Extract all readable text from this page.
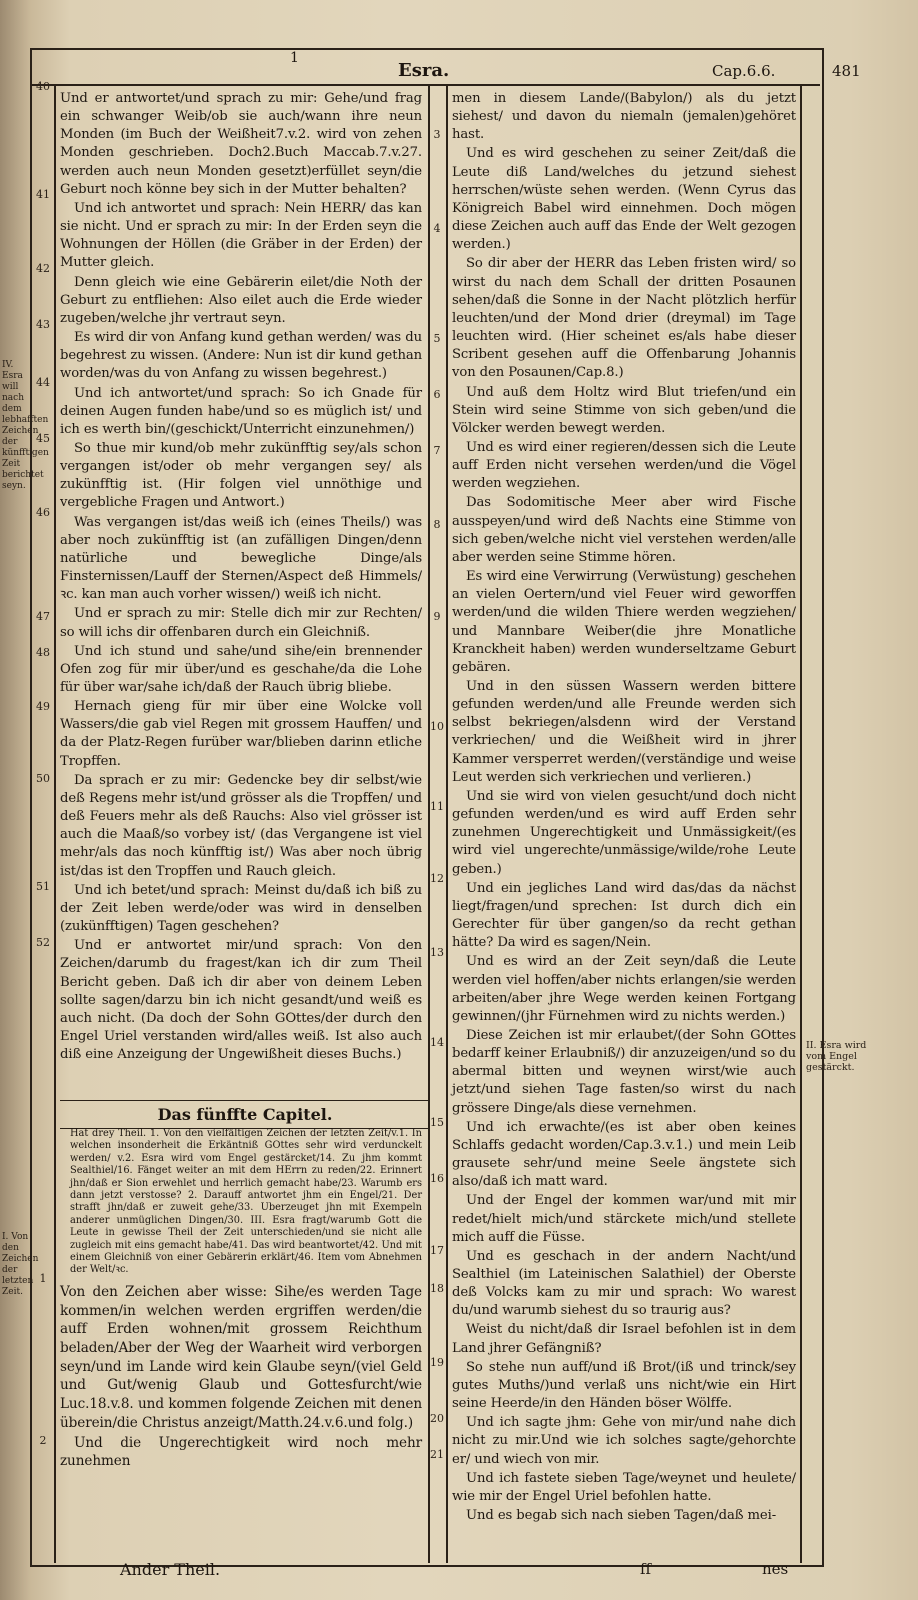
1
Esra.	Cap.6.6.	481
40
41
42
43
44
45
46
47
48
49
50
51
52
IV. Esra will nach dem lebhafften Zeichen der künfftigen Zeit berichtet seyn.
I. Von den Zeichen der letzten Zeit.

Und er antwortet/und sprach zu mir: Gehe/und frag ein schwanger Weib/ob sie auch/wann ihre neun Monden (im Buch der Weißheit7.v.2. wird von zehen Monden geschrieben. Doch2.Buch Maccab.7.v.27. werden auch neun Monden gesetzt)erfüllet seyn/die Geburt noch könne bey sich in der Mutter behalten?

Und ich antwortet und sprach: Nein HERR/ das kan sie nicht. Und er sprach zu mir: In der Erden seyn die Wohnungen der Höllen (die Gräber in der Erden) der Mutter gleich.

Denn gleich wie eine Gebärerin eilet/die Noth der Geburt zu entfliehen: Also eilet auch die Erde wieder zugeben/welche jhr vertraut seyn.

Es wird dir von Anfang kund gethan werden/ was du begehrest zu wissen. (Andere: Nun ist dir kund gethan worden/was du von Anfang zu wissen begehrest.)

Und ich antwortet/und sprach: So ich Gnade für deinen Augen funden habe/und so es müglich ist/ und ich es werth bin/(geschickt/Unterricht einzunehmen/)

So thue mir kund/ob mehr zukünfftig sey/als schon vergangen ist/oder ob mehr vergangen sey/ als zukünfftig ist. (Hir folgen viel unnöthige und vergebliche Fragen und Antwort.)

Was vergangen ist/das weiß ich (eines Theils/) was aber noch zukünfftig ist (an zufälligen Dingen/denn natürliche und bewegliche Dinge/als Finsternissen/Lauff der Sternen/Aspect deß Himmels/ꝛc. kan man auch vorher wissen/) weiß ich nicht.

Und er sprach zu mir: Stelle dich mir zur Rechten/ so will ichs dir offenbaren durch ein Gleichniß.

Und ich stund und sahe/und sihe/ein brennender Ofen zog für mir über/und es geschahe/da die Lohe für über war/sahe ich/daß der Rauch übrig bliebe.

Hernach gieng für mir über eine Wolcke voll Wassers/die gab viel Regen mit grossem Hauffen/ und da der Platz-Regen furüber war/blieben darinn etliche Tropffen.

Da sprach er zu mir: Gedencke bey dir selbst/wie deß Regens mehr ist/und grösser als die Tropffen/ und deß Feuers mehr als deß Rauchs: Also viel grösser ist auch die Maaß/so vorbey ist/ (das Vergangene ist viel mehr/als das noch künfftig ist/) Was aber noch übrig ist/das ist den Tropffen und Rauch gleich.

Und ich betet/und sprach: Meinst du/daß ich biß zu der Zeit leben werde/oder was wird in denselben (zukünfftigen) Tagen geschehen?

Und er antwortet mir/und sprach: Von den Zeichen/darumb du fragest/kan ich dir zum Theil Bericht geben. Daß ich dir aber von deinem Leben sollte sagen/darzu bin ich nicht gesandt/und weiß es auch nicht. (Da doch der Sohn GOttes/der durch den Engel Uriel verstanden wird/alles weiß. Ist also auch diß eine Anzeigung der Ungewißheit dieses Buchs.)

Das fünffte Capitel.
Hat drey Theil. 1. Von den vielfältigen Zeichen der letzten Zeit/v.1. In welchen insonderheit die Erkäntniß GOttes sehr wird verdunckelt werden/ v.2. Esra wird vom Engel gestärcket/14. Zu jhm kommt Sealthiel/16. Fänget weiter an mit dem HErrn zu reden/22. Erinnert jhn/daß er Sion erwehlet und herrlich gemacht habe/23. Warumb ers dann jetzt verstosse? 2. Darauff antwortet jhm ein Engel/21. Der strafft jhn/daß er zuweit gehe/33. Uberzeuget jhn mit Exempeln anderer unmüglichen Dingen/30. III. Esra fragt/warumb Gott die Leute in gewisse Theil der Zeit unterschieden/und sie nicht alle zugleich mit eins gemacht habe/41. Das wird beantwortet/42. Und mit einem Gleichniß von einer Gebärerin erklärt/46. Item vom Abnehmen der Welt/ꝛc.

Von den Zeichen aber wisse: Sihe/es werden Tage kommen/in welchen werden ergriffen werden/die auff Erden wohnen/mit grossem Reichthum beladen/Aber der Weg der Waarheit wird verborgen seyn/und im Lande wird kein Glaube seyn/(viel Geld und Gut/wenig Glaub und Gottesfurcht/wie Luc.18.v.8. und kommen folgende Zeichen mit denen überein/die Christus anzeigt/Matth.24.v.6.und folg.)

Und die Ungerechtigkeit wird noch mehr zunehmen

1
2
3
4
5
6
7
8
9
10
11
12
13
14
15
16
17
18
19
20
21

men in diesem Lande/(Babylon/) als du jetzt siehest/ und davon du niemaln (jemalen)gehöret hast.

Und es wird geschehen zu seiner Zeit/daß die Leute diß Land/welches du jetzund siehest herrschen/wüste sehen werden. (Wenn Cyrus das Königreich Babel wird einnehmen. Doch mögen diese Zeichen auch auff das Ende der Welt gezogen werden.)

So dir aber der HERR das Leben fristen wird/ so wirst du nach dem Schall der dritten Posaunen sehen/daß die Sonne in der Nacht plötzlich herfür leuchten/und der Mond drier (dreymal) im Tage leuchten wird. (Hier scheinet es/als habe dieser Scribent gesehen auff die Offenbarung Johannis von den Posaunen/Cap.8.)

Und auß dem Holtz wird Blut triefen/und ein Stein wird seine Stimme von sich geben/und die Völcker werden bewegt werden.

Und es wird einer regieren/dessen sich die Leute auff Erden nicht versehen werden/und die Vögel werden wegziehen.

Das Sodomitische Meer aber wird Fische ausspeyen/und wird deß Nachts eine Stimme von sich geben/welche nicht viel verstehen werden/alle aber werden seine Stimme hören.

Es wird eine Verwirrung (Verwüstung) geschehen an vielen Oertern/und viel Feuer wird geworffen werden/und die wilden Thiere werden wegziehen/ und Mannbare Weiber(die jhre Monatliche Kranckheit haben) werden wunderseltzame Geburt gebären.

Und in den süssen Wassern werden bittere gefunden werden/und alle Freunde werden sich selbst bekriegen/alsdenn wird der Verstand verkriechen/ und die Weißheit wird in jhrer Kammer versperret werden/(verständige und weise Leut werden sich verkriechen und verlieren.)

Und sie wird von vielen gesucht/und doch nicht gefunden werden/und es wird auff Erden sehr zunehmen Ungerechtigkeit und Unmässigkeit/(es wird viel ungerechte/unmässige/wilde/rohe Leute geben.)

Und ein jegliches Land wird das/das da nächst liegt/fragen/und sprechen: Ist durch dich ein Gerechter für über gangen/so da recht gethan hätte? Da wird es sagen/Nein.

Und es wird an der Zeit seyn/daß die Leute werden viel hoffen/aber nichts erlangen/sie werden arbeiten/aber jhre Wege werden keinen Fortgang gewinnen/(jhr Fürnehmen wird zu nichts werden.)

Diese Zeichen ist mir erlaubet/(der Sohn GOttes bedarff keiner Erlaubniß/) dir anzuzeigen/und so du abermal bitten und weynen wirst/wie auch jetzt/und siehen Tage fasten/so wirst du nach grössere Dinge/als diese vernehmen.

Und ich erwachte/(es ist aber oben keines Schlaffs gedacht worden/Cap.3.v.1.) und mein Leib grausete sehr/und meine Seele ängstete sich also/daß ich matt ward.

Und der Engel der kommen war/und mit mir redet/hielt mich/und stärckete mich/und stellete mich auff die Füsse.

Und es geschach in der andern Nacht/und Sealthiel (im Lateinischen Salathiel) der Oberste deß Volcks kam zu mir und sprach: Wo warest du/und warumb siehest du so traurig aus?

Weist du nicht/daß dir Israel befohlen ist in dem Land jhrer Gefängniß?

So stehe nun auff/und iß Brot/(iß und trinck/sey gutes Muths/)und verlaß uns nicht/wie ein Hirt seine Heerde/in den Händen böser Wölffe.

Und ich sagte jhm: Gehe von mir/und nahe dich nicht zu mir.Und wie ich solches sagte/gehorchte er/ und wiech von mir.

Und ich fastete sieben Tage/weynet und heulete/ wie mir der Engel Uriel befohlen hatte.

Und es begab sich nach sieben Tagen/daß mei-

II. Esra wird vom Engel gestärckt.
Ander Theil.	ſſ	nes
